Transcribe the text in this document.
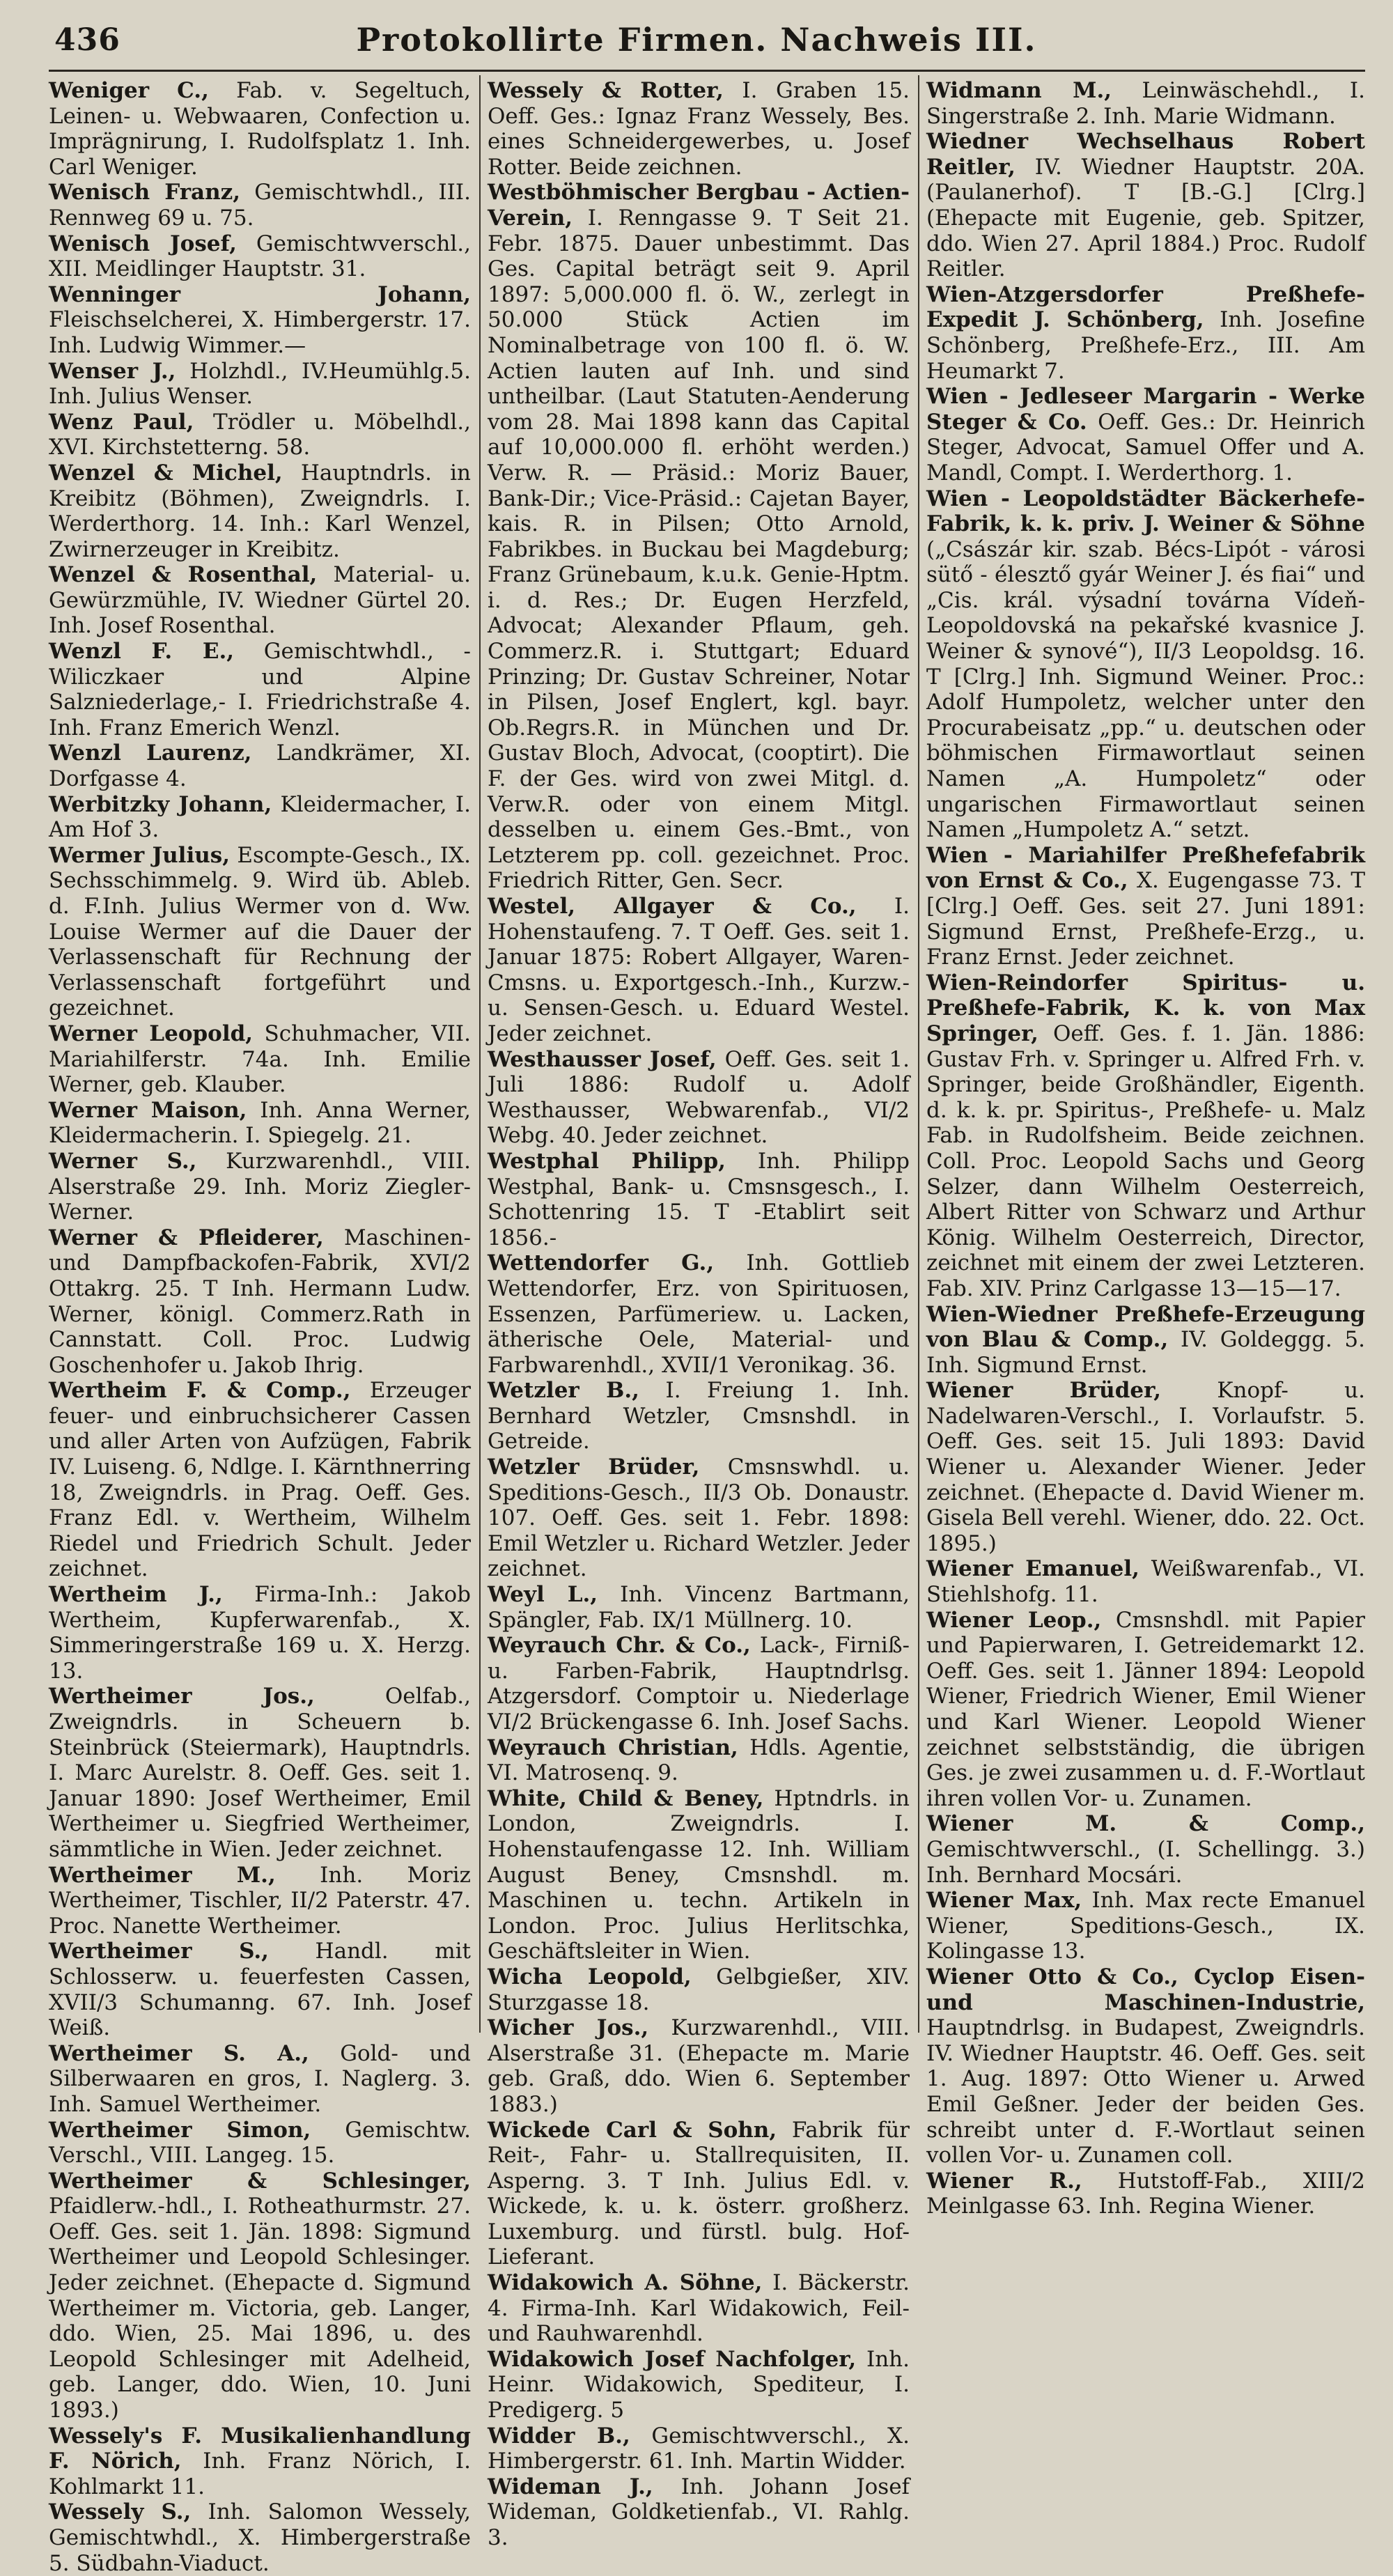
436	Protokollirte Firmen. Nachweis III.
Weniger C., Fab. v. Segeltuch, Leinen- u. Webwaaren, Confection u. Imprägnirung, I. Rudolfsplatz 1. Inh. Carl Weniger.
Wenisch Franz, Gemischtwhdl., III. Rennweg 69 u. 75.
Wenisch Josef, Gemischtwverschl., XII. Meidlinger Hauptstr. 31.
Wenninger Johann, Fleischselcherei, X. Himbergerstr. 17. Inh. Ludwig Wimmer.—
Wenser J., Holzhdl., IV.Heumühlg.5. Inh. Julius Wenser.
Wenz Paul, Trödler u. Möbelhdl., XVI. Kirchstetterng. 58.
Wenzel & Michel, Hauptndrls. in Kreibitz (Böhmen), Zweigndrls. I. Werderthorg. 14. Inh.: Karl Wenzel, Zwirnerzeuger in Kreibitz.
Wenzel & Rosenthal, Material- u. Gewürzmühle, IV. Wiedner Gürtel 20. Inh. Josef Rosenthal.
Wenzl F. E., Gemischtwhdl., -Wiliczkaer und Alpine Salzniederlage,- I. Friedrichstraße 4. Inh. Franz Emerich Wenzl.
Wenzl Laurenz, Landkrämer, XI. Dorfgasse 4.
Werbitzky Johann, Kleidermacher, I. Am Hof 3.
Wermer Julius, Escompte-Gesch., IX. Sechsschimmelg. 9. Wird üb. Ableb. d. F.Inh. Julius Wermer von d. Ww. Louise Wermer auf die Dauer der Verlassenschaft für Rechnung der Verlassenschaft fortgeführt und gezeichnet.
Werner Leopold, Schuhmacher, VII. Mariahilferstr. 74a. Inh. Emilie Werner, geb. Klauber.
Werner Maison, Inh. Anna Werner, Kleidermacherin. I. Spiegelg. 21.
Werner S., Kurzwarenhdl., VIII. Alserstraße 29. Inh. Moriz Ziegler-Werner.
Werner & Pfleiderer, Maschinen- und Dampfbackofen-Fabrik, XVI/2 Ottakrg. 25. T Inh. Hermann Ludw. Werner, königl. Commerz.Rath in Cannstatt. Coll. Proc. Ludwig Goschenhofer u. Jakob Ihrig.
Wertheim F. & Comp., Erzeuger feuer- und einbruchsicherer Cassen und aller Arten von Aufzügen, Fabrik IV. Luiseng. 6, Ndlge. I. Kärnthnerring 18, Zweigndrls. in Prag. Oeff. Ges. Franz Edl. v. Wertheim, Wilhelm Riedel und Friedrich Schult. Jeder zeichnet.
Wertheim J., Firma-Inh.: Jakob Wertheim, Kupferwarenfab., X. Simmeringerstraße 169 u. X. Herzg. 13.
Wertheimer Jos.,	Oelfab., Zweigndrls. in Scheuern b. Steinbrück (Steiermark), Hauptndrls. I. Marc Aurelstr. 8. Oeff. Ges. seit 1. Januar 1890: Josef Wertheimer, Emil Wertheimer u. Siegfried Wertheimer, sämmtliche in Wien. Jeder zeichnet.
Wertheimer M., Inh. Moriz Wertheimer, Tischler, II/2 Paterstr. 47. Proc. Nanette Wertheimer.
Wertheimer S., Handl. mit Schlosserw. u. feuerfesten Cassen, XVII/3 Schumanng. 67. Inh. Josef Weiß.
Wertheimer S. A., Gold- und Silberwaaren en gros, I. Naglerg. 3. Inh. Samuel Wertheimer.
Wertheimer Simon, Gemischtw. Verschl., VIII. Langeg. 15.
Wertheimer & Schlesinger, Pfaidlerw.-hdl., I. Rotheathurmstr. 27. Oeff. Ges. seit 1. Jän. 1898: Sigmund Wertheimer und Leopold Schlesinger. Jeder zeichnet. (Ehepacte d. Sigmund Wertheimer m. Victoria, geb. Langer, ddo. Wien, 25. Mai 1896, u. des Leopold Schlesinger mit Adelheid, geb. Langer, ddo. Wien, 10. Juni 1893.)
Wessely's F. Musikalienhandlung F. Nörich, Inh. Franz Nörich, I. Kohlmarkt 11.
Wessely S., Inh. Salomon Wessely, Gemischtwhdl., X. Himbergerstraße 5. Südbahn-Viaduct.
Wessely & Rotter, I. Graben 15. Oeff. Ges.: Ignaz Franz Wessely, Bes. eines Schneidergewerbes, u. Josef Rotter. Beide zeichnen.
Westböhmischer Bergbau - Actien-Verein, I. Renngasse 9. T Seit 21. Febr. 1875. Dauer unbestimmt. Das Ges. Capital beträgt seit 9. April 1897: 5,000.000 fl. ö. W., zerlegt in 50.000 Stück Actien im Nominalbetrage von 100 fl. ö. W. Actien lauten auf Inh. und sind untheilbar. (Laut Statuten-Aenderung vom 28. Mai 1898 kann das Capital auf 10,000.000 fl. erhöht werden.) Verw. R. — Präsid.: Moriz Bauer, Bank-Dir.; Vice-Präsid.: Cajetan Bayer, kais. R. in Pilsen; Otto Arnold, Fabrikbes. in Buckau bei Magdeburg; Franz Grünebaum, k.u.k. Genie-Hptm. i. d. Res.; Dr. Eugen Herzfeld, Advocat; Alexander Pflaum, geh. Commerz.R. i. Stuttgart; Eduard Prinzing; Dr. Gustav Schreiner, Notar in Pilsen, Josef Englert, kgl. bayr. Ob.Regrs.R. in München und Dr. Gustav Bloch, Advocat, (cooptirt). Die F. der Ges. wird von zwei Mitgl. d. Verw.R. oder von einem Mitgl. desselben u. einem Ges.-Bmt., von Letzterem pp. coll. gezeichnet. Proc. Friedrich Ritter, Gen. Secr.
Westel, Allgayer & Co., I. Hohenstaufeng. 7. T Oeff. Ges. seit 1. Januar 1875: Robert Allgayer, Waren-Cmsns. u. Exportgesch.-Inh., Kurzw.- u. Sensen-Gesch. u. Eduard Westel. Jeder zeichnet.
Westhausser Josef, Oeff. Ges. seit 1. Juli 1886: Rudolf u. Adolf Westhausser, Webwarenfab., VI/2 Webg. 40. Jeder zeichnet.
Westphal Philipp, Inh. Philipp Westphal, Bank- u. Cmsnsgesch., I. Schottenring 15. T -Etablirt seit 1856.-
Wettendorfer G., Inh. Gottlieb Wettendorfer, Erz. von Spirituosen, Essenzen, Parfümeriew. u. Lacken, ätherische Oele, Material- und Farbwarenhdl., XVII/1 Veronikag. 36.
Wetzler B., I. Freiung 1. Inh. Bernhard Wetzler, Cmsnshdl. in Getreide.
Wetzler Brüder, Cmsnswhdl. u. Speditions-Gesch., II/3 Ob. Donaustr. 107. Oeff. Ges. seit 1. Febr. 1898: Emil Wetzler u. Richard Wetzler. Jeder zeichnet.
Weyl L., Inh. Vincenz Bartmann, Spängler, Fab. IX/1 Müllnerg. 10.
Weyrauch Chr. & Co., Lack-, Firniß- u. Farben-Fabrik, Hauptndrlsg. Atzgersdorf. Comptoir u. Niederlage VI/2 Brückengasse 6. Inh. Josef Sachs.
Weyrauch Christian, Hdls. Agentie, VI. Matrosenq. 9.
White, Child & Beney, Hptndrls. in London, Zweigndrls. I. Hohenstaufengasse 12. Inh. William August Beney, Cmsnshdl. m. Maschinen u. techn. Artikeln in London. Proc. Julius Herlitschka, Geschäftsleiter in Wien.
Wicha Leopold, Gelbgießer, XIV. Sturzgasse 18.
Wicher Jos., Kurzwarenhdl., VIII. Alserstraße 31. (Ehepacte m. Marie geb. Graß, ddo. Wien 6. September 1883.)
Wickede Carl & Sohn, Fabrik für Reit-, Fahr- u. Stallrequisiten, II. Asperng. 3. T Inh. Julius Edl. v. Wickede, k. u. k. österr. großherz. Luxemburg. und fürstl. bulg. Hof-Lieferant.
Widakowich A. Söhne, I. Bäckerstr. 4. Firma-Inh. Karl Widakowich, Feil- und Rauhwarenhdl.
Widakowich Josef Nachfolger, Inh. Heinr. Widakowich, Spediteur, I. Predigerg. 5
Widder B., Gemischtwverschl., X. Himbergerstr. 61. Inh. Martin Widder.
Wideman J., Inh. Johann Josef Wideman, Goldketienfab., VI. Rahlg. 3.
Widmann M., Leinwäschehdl., I. Singerstraße 2. Inh. Marie Widmann.
Wiedner Wechselhaus Robert Reitler, IV. Wiedner Hauptstr. 20A. (Paulanerhof). T [B.-G.] [Clrg.] (Ehepacte mit Eugenie, geb. Spitzer, ddo. Wien 27. April 1884.) Proc. Rudolf Reitler.
Wien-Atzgersdorfer Preßhefe-Expedit J. Schönberg, Inh. Josefine Schönberg, Preßhefe-Erz., III. Am Heumarkt 7.
Wien - Jedleseer Margarin - Werke Steger & Co. Oeff. Ges.: Dr. Heinrich Steger, Advocat, Samuel Offer und A. Mandl, Compt. I. Werderthorg. 1.
Wien - Leopoldstädter Bäckerhefe-Fabrik, k. k. priv. J. Weiner & Söhne („Császár kir. szab. Bécs-Lipót - városi sütő - élesztő gyár Weiner J. és fiai“ und „Cis. král. výsadní továrna Vídeň-Leopoldovská na pekařské kvasnice J. Weiner & synové“), II/3 Leopoldsg. 16. T [Clrg.] Inh. Sigmund Weiner. Proc.: Adolf Humpoletz, welcher unter den Procurabeisatz „pp.“ u. deutschen oder böhmischen Firmawortlaut seinen Namen „A. Humpoletz“ oder ungarischen Firmawortlaut seinen Namen „Humpoletz A.“ setzt.
Wien - Mariahilfer Preßhefefabrik von Ernst & Co., X. Eugengasse 73. T [Clrg.] Oeff. Ges. seit 27. Juni 1891: Sigmund Ernst, Preßhefe-Erzg., u. Franz Ernst. Jeder zeichnet.
Wien-Reindorfer Spiritus- u. Preßhefe-Fabrik, K. k. von Max Springer, Oeff. Ges. f. 1. Jän. 1886: Gustav Frh. v. Springer u. Alfred Frh. v. Springer, beide Großhändler, Eigenth. d. k. k. pr. Spiritus-, Preßhefe- u. Malz Fab. in Rudolfsheim. Beide zeichnen. Coll. Proc. Leopold Sachs und Georg Selzer, dann Wilhelm Oesterreich, Albert Ritter von Schwarz und Arthur König. Wilhelm Oesterreich, Director, zeichnet mit einem der zwei Letzteren. Fab. XIV. Prinz Carlgasse 13—15—17.
Wien-Wiedner Preßhefe-Erzeugung von Blau & Comp., IV. Goldeggg. 5. Inh. Sigmund Ernst.
Wiener Brüder,	Knopf- u. Nadelwaren-Verschl., I. Vorlaufstr. 5. Oeff. Ges. seit 15. Juli 1893: David Wiener u. Alexander Wiener. Jeder zeichnet. (Ehepacte d. David Wiener m. Gisela Bell verehl. Wiener, ddo. 22. Oct. 1895.)
Wiener Emanuel, Weißwarenfab., VI. Stiehlshofg. 11.
Wiener Leop., Cmsnshdl. mit Papier und Papierwaren, I. Getreidemarkt 12. Oeff. Ges. seit 1. Jänner 1894: Leopold Wiener, Friedrich Wiener, Emil Wiener und Karl Wiener. Leopold Wiener zeichnet selbstständig, die übrigen Ges. je zwei zusammen u. d. F.-Wortlaut ihren vollen Vor- u. Zunamen.
Wiener M. & Comp., Gemischtwverschl., (I. Schellingg. 3.) Inh. Bernhard Mocsári.
Wiener Max, Inh. Max recte Emanuel Wiener, Speditions-Gesch., IX. Kolingasse 13.
Wiener Otto & Co., Cyclop Eisen- und Maschinen-Industrie, Hauptndrlsg. in Budapest, Zweigndrls. IV. Wiedner Hauptstr. 46. Oeff. Ges. seit 1. Aug. 1897: Otto Wiener u. Arwed Emil Geßner. Jeder der beiden Ges. schreibt unter d. F.-Wortlaut seinen vollen Vor- u. Zunamen coll.
Wiener R., Hutstoff-Fab., XIII/2 Meinlgasse 63. Inh. Regina Wiener.
